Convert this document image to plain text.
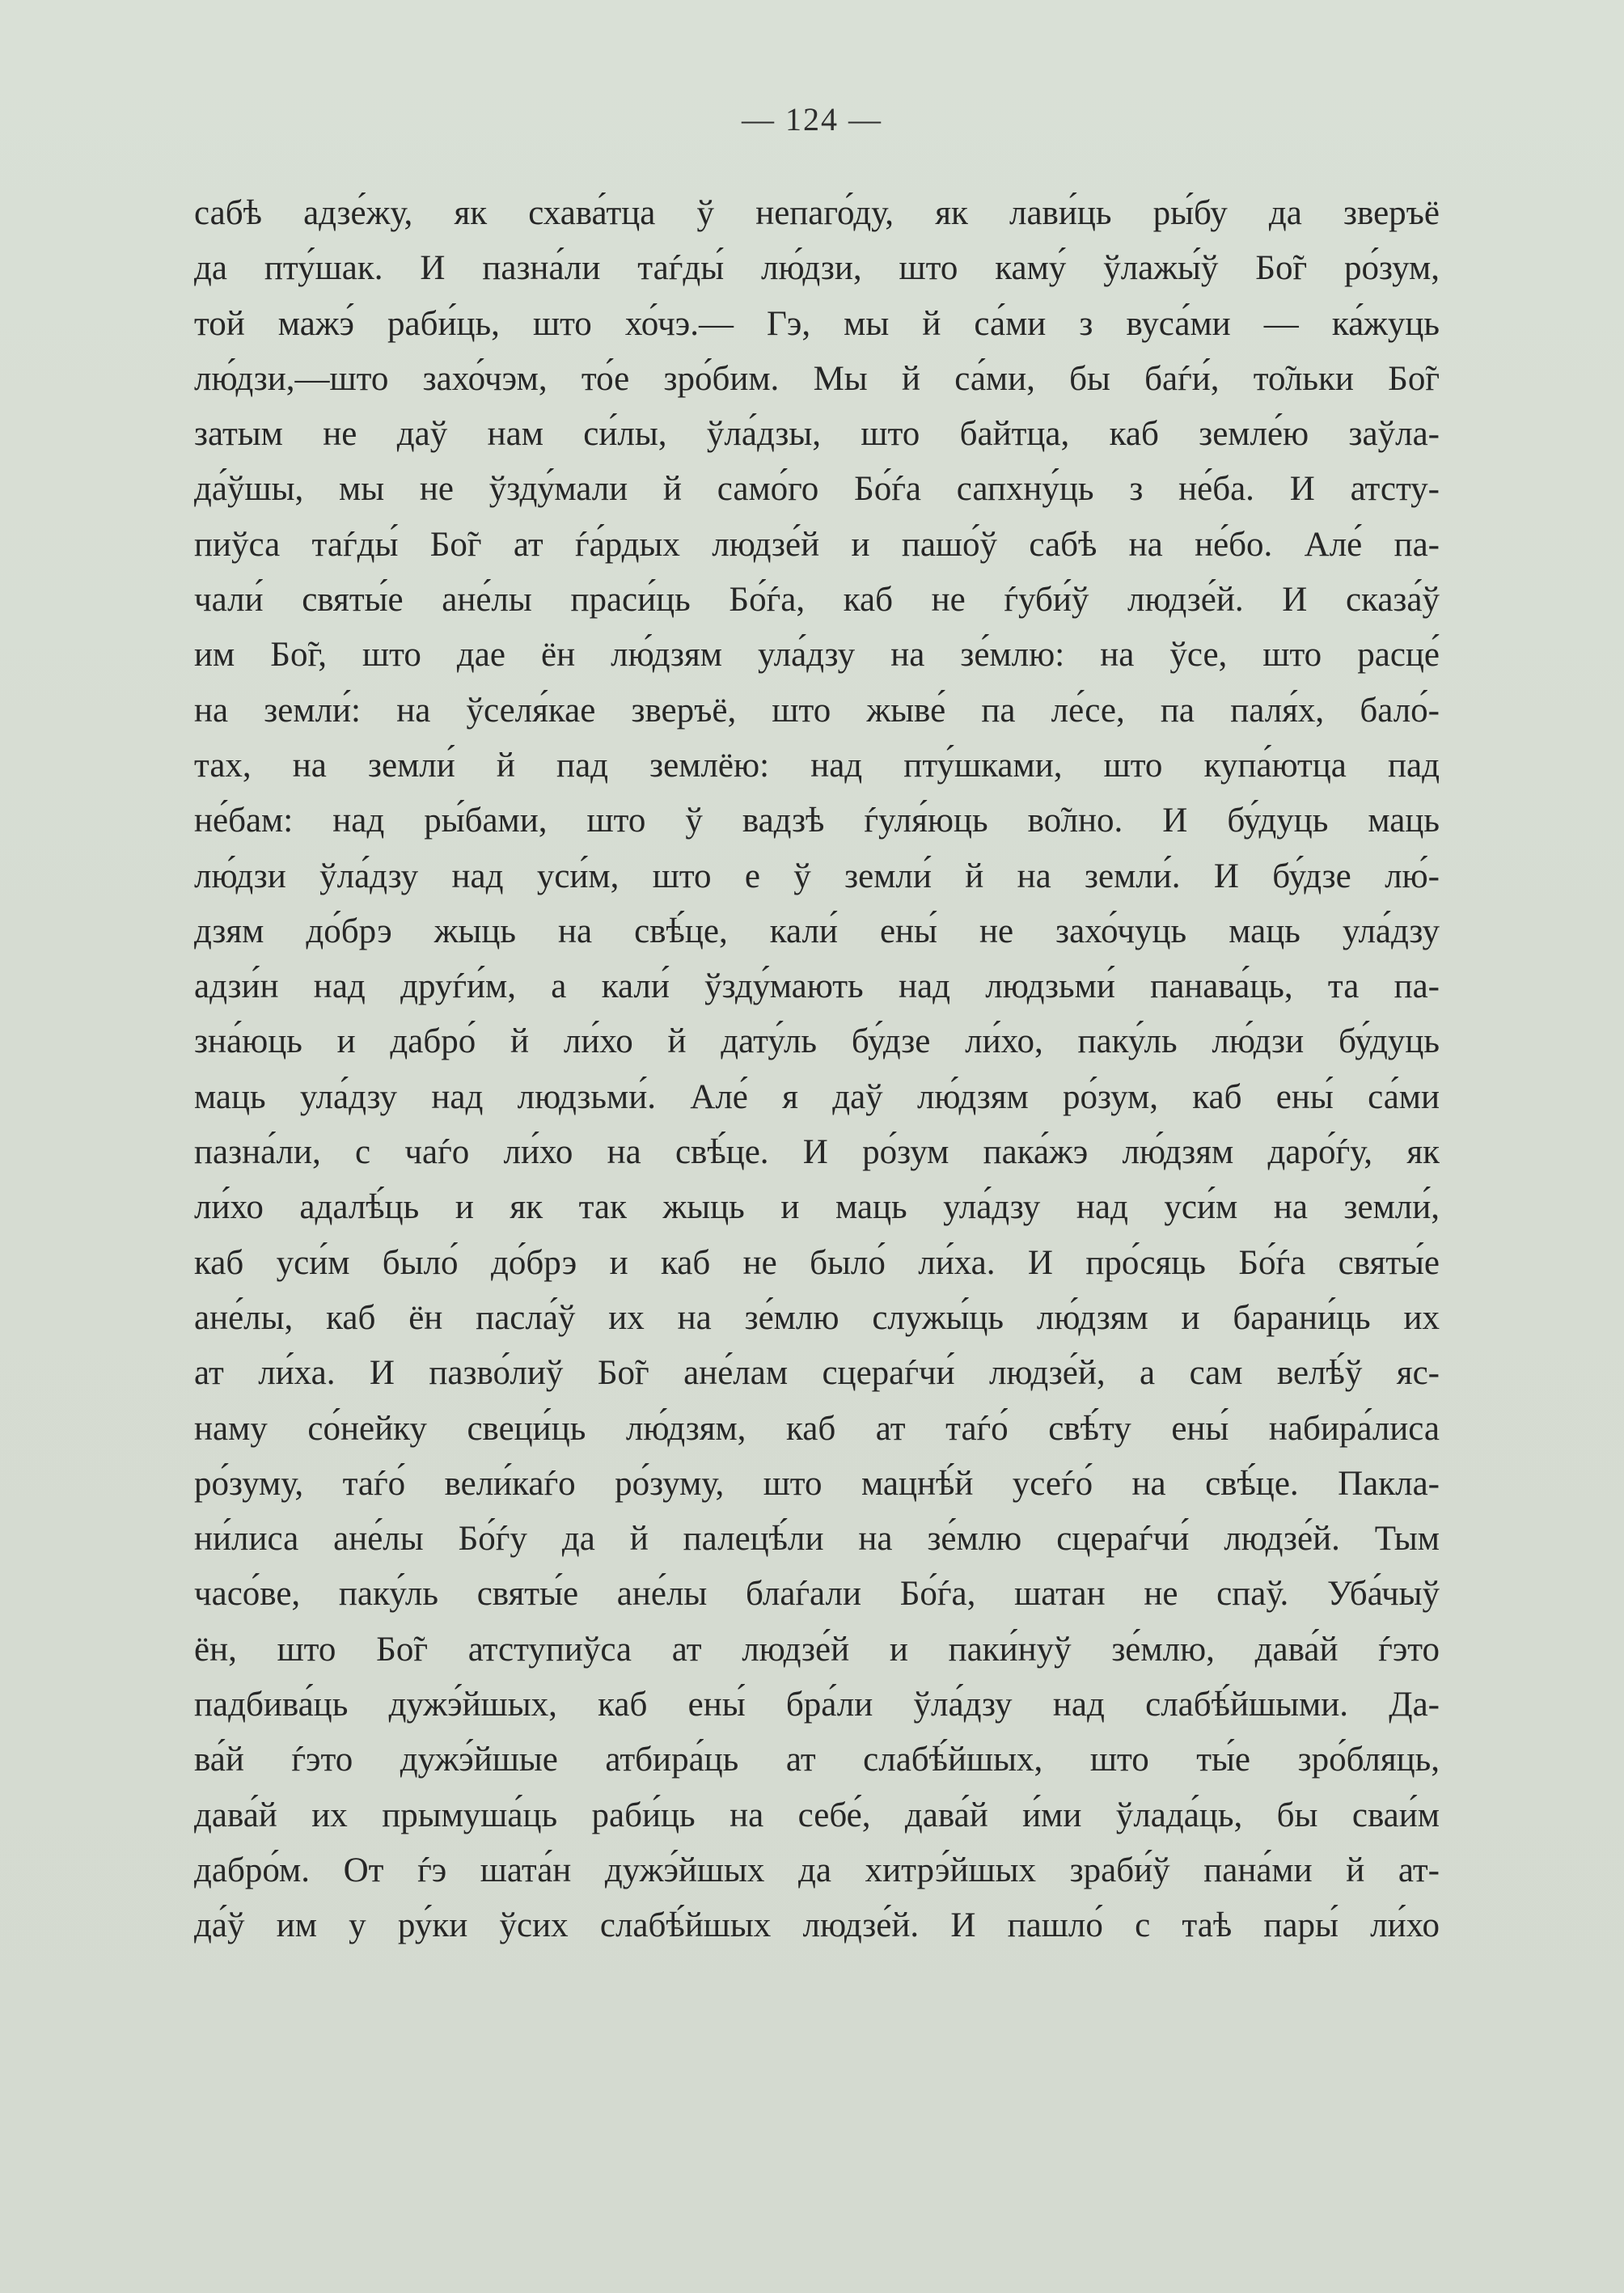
— 124 —
сабѣ адзе́жу, як схава́тца ў непаго́ду, як лави́ць ры́бу да зверъё
да пту́шак. И пазна́ли таѓды́ лю́дзи, што каму́ ўлажы́ў Бо̃г ро́зум,
той мажэ́ раби́ць, што хо́чэ.— Гэ, мы й са́ми з вуса́ми — ка́жуць
лю́дзи,—што захо́чэм, то́е зро́бим. Мы й са́ми, бы баѓи́, то̃льки Бо̃г
затым не даў нам си́лы, ўла́дзы, што байтца, каб земле́ю заўла-
да́ўшы, мы не ўзду́мали й само́го Бо́ѓа сапхну́ць з не́ба. И атсту-
пиўса таѓды́ Бо̃г ат ѓа́рдых людзе́й и пашо́ў сабѣ на не́бо. Але́ па-
чали́ святы́е ане́лы праси́ць Бо́ѓа, каб не ѓуби́ў людзе́й. И сказа́ў
им Бо̃г, што дае ён лю́дзям ула́дзу на зе́млю: на ўсе, што расце́
на земли́: на ўселя́кае зверъё, што жыве́ па ле́се, па паля́х, бало́-
тах, на земли́ й пад землёю: над пту́шками, што купа́ютца пад
не́бам: над ры́бами, што ў вадзѣ ѓуля́юць во̃лно. И бу́дуць маць
лю́дзи ўла́дзу над уси́м, што е ў земли́ й на земли́. И бу́дзе лю́-
дзям до́брэ жыць на свѣ́це, кали́ ены́ не захо́чуць маць ула́дзу
адзи́н над друѓи́м, а кали́ ўзду́мають над людзьми́ панава́ць, та па-
зна́юць и дабро́ й ли́хо й дату́ль бу́дзе ли́хо, паку́ль лю́дзи бу́дуць
маць ула́дзу над людзьми́. Але́ я даў лю́дзям ро́зум, каб ены́ са́ми
пазна́ли, с чаѓо ли́хо на свѣ́це. И ро́зум пака́жэ лю́дзям даро́ѓу, як
ли́хо адалѣ́ць и як так жыць и маць ула́дзу над уси́м на земли́,
каб уси́м было́ до́брэ и каб не было́ ли́ха. И про́сяць Бо́ѓа святы́е
ане́лы, каб ён пасла́ў их на зе́млю служы́ць лю́дзям и барани́ць их
ат ли́ха. И пазво́лиў Бо̃г ане́лам сцераѓчи́ людзе́й, а сам велѣ́ў яс-
наму со́нейку свеци́ць лю́дзям, каб ат таѓо́ свѣ́ту ены́ набира́лиса
ро́зуму, таѓо́ вели́каѓо ро́зуму, што мацнѣ́й усеѓо́ на свѣ́це. Пакла-
ни́лиса ане́лы Бо́ѓу да й палецѣ́ли на зе́млю сцераѓчи́ людзе́й. Тым
часо́ве, паку́ль святы́е ане́лы блаѓали Бо́ѓа, шатан не спаў. Уба́чыў
ён, што Бо̃г атступиўса ат людзе́й и паки́нуў зе́млю, дава́й ѓэто
падбива́ць дужэ́йшых, каб ены́ бра́ли ўла́дзу над слабѣ́йшыми. Да-
ва́й ѓэто дужэ́йшые атбира́ць ат слабѣ́йшых, што ты́е зро́бляць,
дава́й их прымуша́ць раби́ць на себе́, дава́й и́ми ўлада́ць, бы сваи́м
дабро́м. От ѓэ шата́н дужэ́йшых да хитрэ́йшых зраби́ў пана́ми й ат-
да́ў им у ру́ки ўсих слабѣ́йшых людзе́й. И пашло́ с таѣ пары́ ли́хо
